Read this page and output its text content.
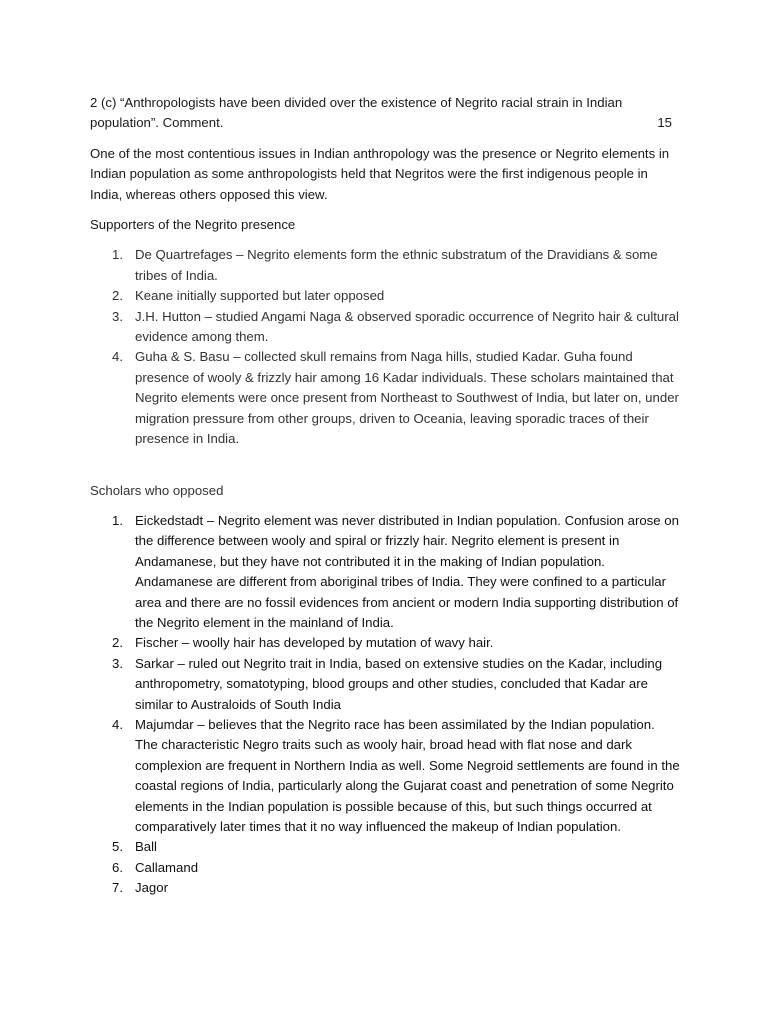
2 (c) “Anthropologists have been divided over the existence of Negrito racial strain in Indian population”. Comment.	15

One of the most contentious issues in Indian anthropology was the presence or Negrito elements in Indian population as some anthropologists held that Negritos were the first indigenous people in India, whereas others opposed this view.

Supporters of the Negrito presence

1. De Quartrefages – Negrito elements form the ethnic substratum of the Dravidians & some tribes of India.
2. Keane initially supported but later opposed
3. J.H. Hutton – studied Angami Naga & observed sporadic occurrence of Negrito hair & cultural evidence among them.
4. Guha & S. Basu – collected skull remains from Naga hills, studied Kadar. Guha found presence of wooly & frizzly hair among 16 Kadar individuals. These scholars maintained that Negrito elements were once present from Northeast to Southwest of India, but later on, under migration pressure from other groups, driven to Oceania, leaving sporadic traces of their presence in India.

Scholars who opposed

1. Eickedstadt – Negrito element was never distributed in Indian population. Confusion arose on the difference between wooly and spiral or frizzly hair. Negrito element is present in Andamanese, but they have not contributed it in the making of Indian population. Andamanese are different from aboriginal tribes of India. They were confined to a particular area and there are no fossil evidences from ancient or modern India supporting distribution of the Negrito element in the mainland of India.
2. Fischer – woolly hair has developed by mutation of wavy hair.
3. Sarkar – ruled out Negrito trait in India, based on extensive studies on the Kadar, including anthropometry, somatotyping, blood groups and other studies, concluded that Kadar are similar to Australoids of South India
4. Majumdar – believes that the Negrito race has been assimilated by the Indian population. The characteristic Negro traits such as wooly hair, broad head with flat nose and dark complexion are frequent in Northern India as well. Some Negroid settlements are found in the coastal regions of India, particularly along the Gujarat coast and penetration of some Negrito elements in the Indian population is possible because of this, but such things occurred at comparatively later times that it no way influenced the makeup of Indian population.
5. Ball
6. Callamand
7. Jagor
